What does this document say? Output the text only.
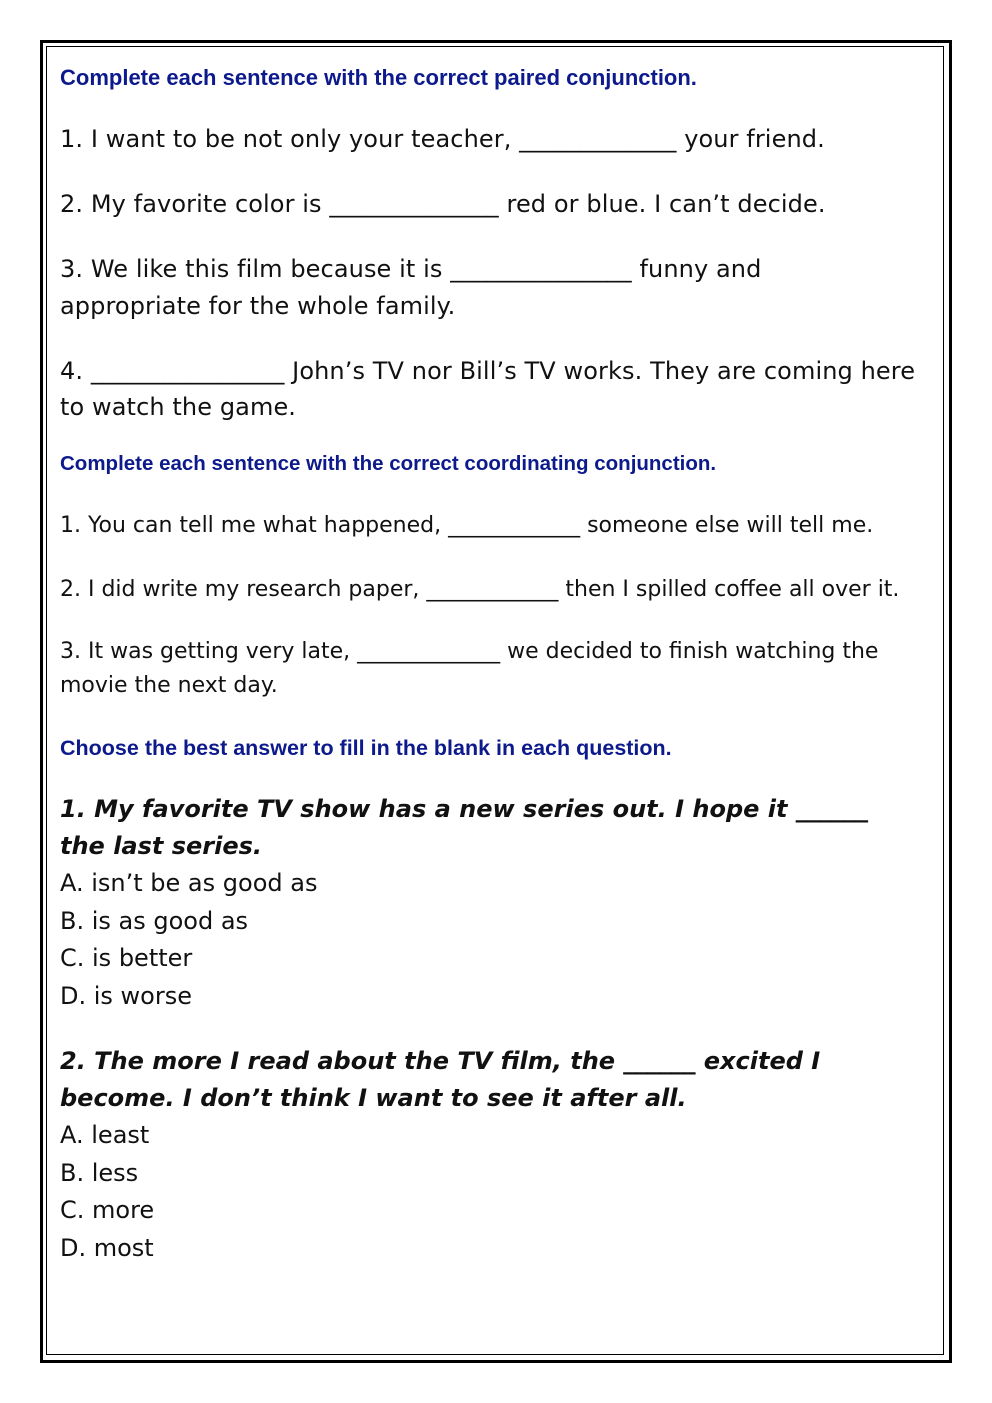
Complete each sentence with the correct paired conjunction.

1. I want to be not only your teacher, _____________ your friend.

2. My favorite color is ______________ red or blue. I can’t decide.

3. We like this film because it is _______________ funny and appropriate for the whole family.

4. ________________ John’s TV nor Bill’s TV works. They are coming here to watch the game.

Complete each sentence with the correct coordinating conjunction.

1. You can tell me what happened, ____________ someone else will tell me.

2. I did write my research paper, ____________ then I spilled coffee all over it.

3. It was getting very late, _____________ we decided to finish watching the movie the next day.

Choose the best answer to fill in the blank in each question.

1. My favorite TV show has a new series out. I hope it ______ the last series.

A. isn’t be as good as

B. is as good as

C. is better

D. is worse

2. The more I read about the TV film, the ______ excited I become. I don’t think I want to see it after all.

A. least

B. less

C. more

D. most
